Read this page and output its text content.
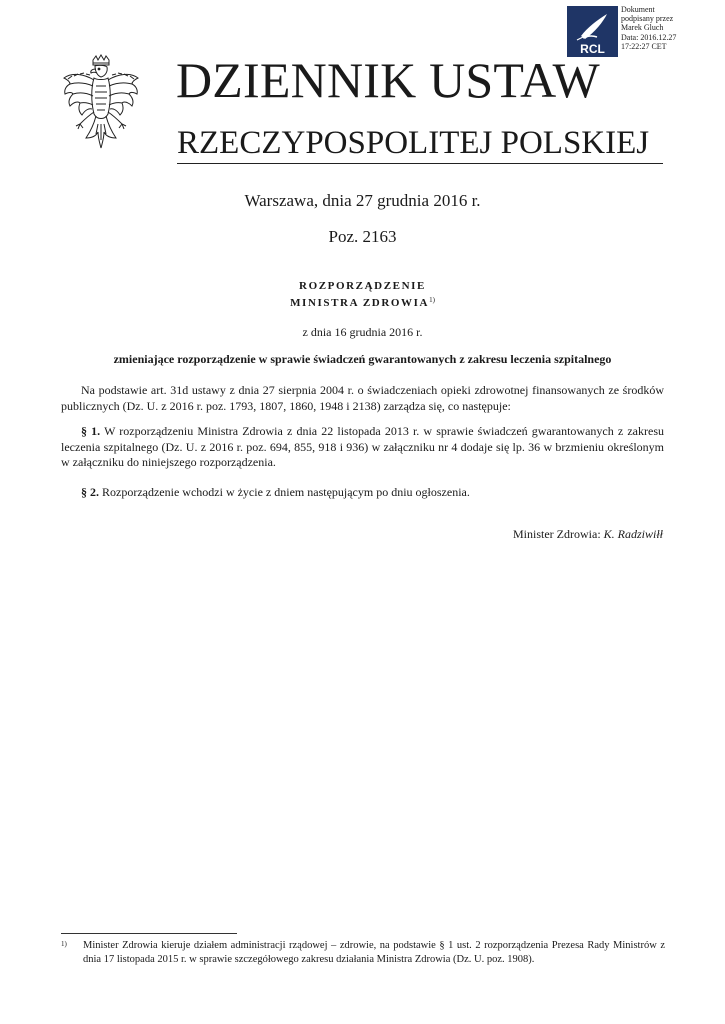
RCL
Dokument
podpisany przez
Marek Gluch
Data: 2016.12.27
17:22:27 CET
DZIENNIK USTAW
RZECZYPOSPOLITEJ POLSKIEJ
Warszawa, dnia 27 grudnia 2016 r.
Poz. 2163
ROZPORZĄDZENIE
MINISTRA ZDROWIA$^{1)}$
z dnia 16 grudnia 2016 r.
zmieniające rozporządzenie w sprawie świadczeń gwarantowanych z zakresu leczenia szpitalnego
Na podstawie art. 31d ustawy z dnia 27 sierpnia 2004 r. o świadczeniach opieki zdrowotnej finansowanych ze środków publicznych (Dz. U. z 2016 r. poz. 1793, 1807, 1860, 1948 i 2138) zarządza się, co następuje:
§ 1. W rozporządzeniu Ministra Zdrowia z dnia 22 listopada 2013 r. w sprawie świadczeń gwarantowanych z zakresu leczenia szpitalnego (Dz. U. z 2016 r. poz. 694, 855, 918 i 936) w załączniku nr 4 dodaje się lp. 36 w brzmieniu określonym w załączniku do niniejszego rozporządzenia.
§ 2. Rozporządzenie wchodzi w życie z dniem następującym po dniu ogłoszenia.
Minister Zdrowia: K. Radziwiłł
1) Minister Zdrowia kieruje działem administracji rządowej – zdrowie, na podstawie § 1 ust. 2 rozporządzenia Prezesa Rady Ministrów z dnia 17 listopada 2015 r. w sprawie szczegółowego zakresu działania Ministra Zdrowia (Dz. U. poz. 1908).
